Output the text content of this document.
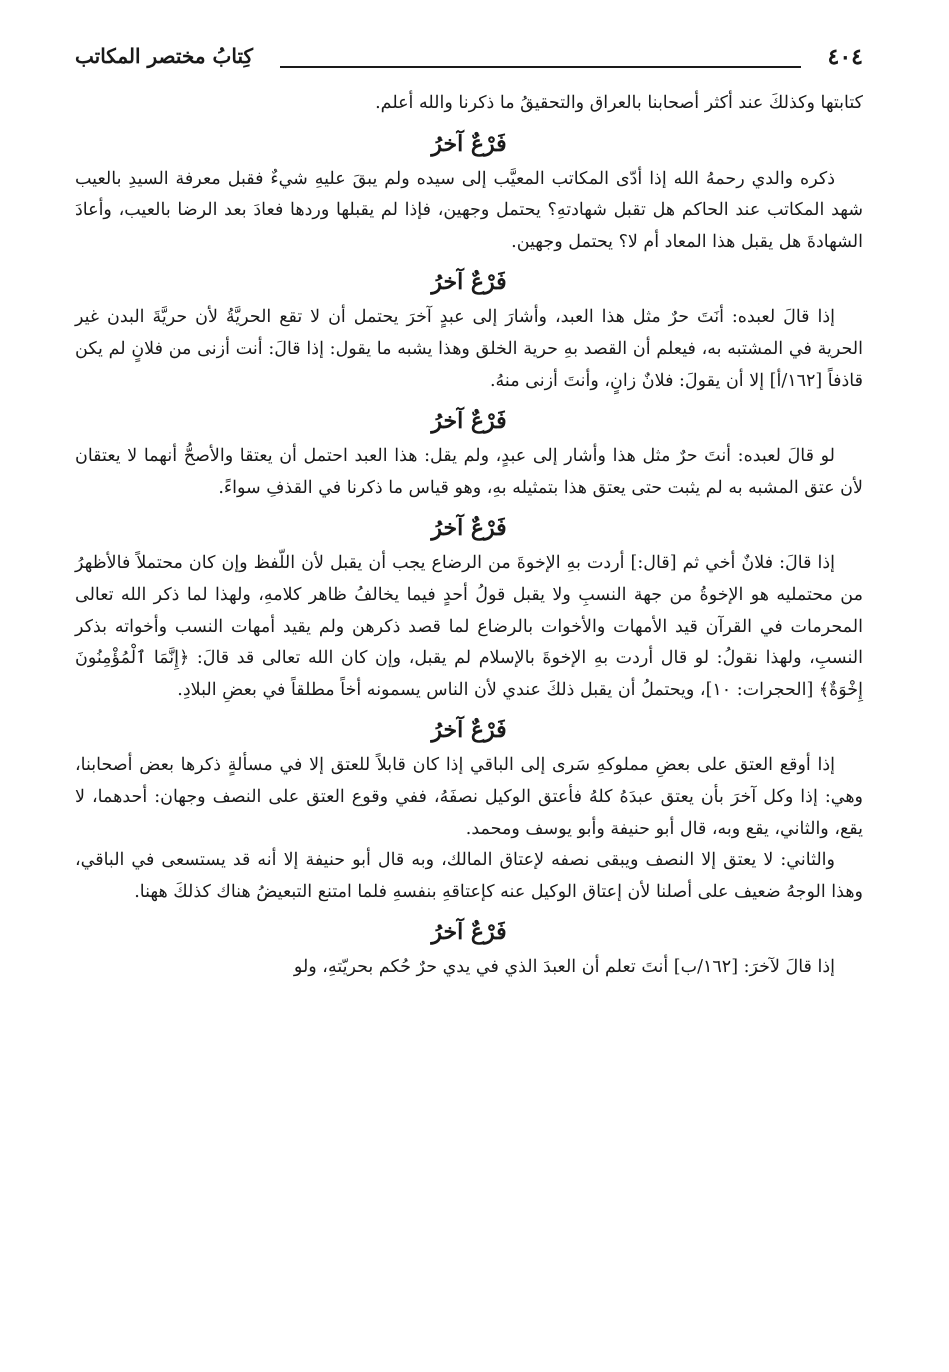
٤٠٤
كِتابُ مختصر المكاتب

كتابتها وكذلكَ عند أكثر أصحابنا بالعراق والتحقيقُ ما ذكرنا والله أعلم.

فَرْعٌ آخرُ

ذكره والدي رحمهُ الله إذا أدّى المكاتب المعيَّب إلى سيده ولم يبقَ عليهِ شيءٌ فقبل معرفة السيدِ بالعيب شهد المكاتب عند الحاكم هل تقبل شهادتهِ؟ يحتمل وجهين، فإذا لم يقبلها وردها فعادَ بعد الرضا بالعيب، وأعادَ الشهادةَ هل يقبل هذا المعاد أم لا؟ يحتمل وجهين.

فَرْعٌ آخرُ

إذا قالَ لعبده: أنَتَ حرٌ مثل هذا العبد، وأشارَ إلى عبدٍ آخرَ يحتمل أن لا تقع الحريَّةُ لأن حريَّةَ البدن غير الحرية في المشتبه به، فيعلم أن القصد بهِ حرية الخلق وهذا يشبه ما يقول: إذا قالَ: أنت أزنى من فلانٍ لم يكن قاذفاً [١٦٢/أ] إلا أن يقولَ: فلانٌ زانٍ، وأنتَ أزنى منهُ.

فَرْعٌ آخرُ

لو قالَ لعبده: أنتَ حرٌ مثل هذا وأشار إلى عبدٍ، ولم يقل: هذا العبد احتمل أن يعتقا والأصحُّ أنهما لا يعتقان لأن عتق المشبه به لم يثبت حتى يعتق هذا بتمثيله بهِ، وهو قياس ما ذكرنا في القذفِ سواءً.

فَرْعٌ آخرُ

إذا قالَ: فلانٌ أخي ثم [قال:] أردت بهِ الإخوةَ من الرضاع يجب أن يقبل لأن اللّفظ وإن كان محتملاً فالأظهرُ من محتمليه هو الإخوةُ من جهة النسبِ ولا يقبل قولُ أحدٍ فيما يخالفُ ظاهر كلامهِ، ولهذا لما ذكر الله تعالى المحرمات في القرآن قيد الأمهات والأخوات بالرضاع لما قصد ذكرهن ولم يقيد أمهات النسب وأخواته بذكر النسبِ، ولهذا نقولُ: لو قال أردت بهِ الإخوةَ بالإسلام لم يقبل، وإن كان الله تعالى قد قالَ: ﴿إِنَّمَا ٱلْمُؤْمِنُونَ إِخْوَةٌ﴾ [الحجرات: ١٠]، ويحتملُ أن يقبل ذلكَ عندي لأن الناس يسمونه أخاً مطلقاً في بعضِ البلادِ.

فَرْعٌ آخرُ

إذا أوقع العتق على بعضِ مملوكهِ سَرى إلى الباقي إذا كان قابلاً للعتق إلا في مسألةٍ ذكرها بعض أصحابنا، وهي: إذا وكل آخرَ بأن يعتق عبدَهُ كلهُ فأعتق الوكيل نصفَهُ، ففي وقوع العتق على النصف وجهان: أحدهما، لا يقع، والثاني، يقع وبه، قال أبو حنيفة وأبو يوسف ومحمد.

والثاني: لا يعتق إلا النصف ويبقى نصفه لإعتاق المالك، وبه قال أبو حنيفة إلا أنه قد يستسعى في الباقي، وهذا الوجهُ ضعيف على أصلنا لأن إعتاق الوكيل عنه كإعتاقهِ بنفسهِ فلما امتنع التبعيضُ هناك كذلكَ ههنا.

فَرْعٌ آخرُ

إذا قالَ لآخرَ: [١٦٢/ب] أنتَ تعلم أن العبدَ الذي في يدي حرٌ حُكم بحريّتهِ، ولو
